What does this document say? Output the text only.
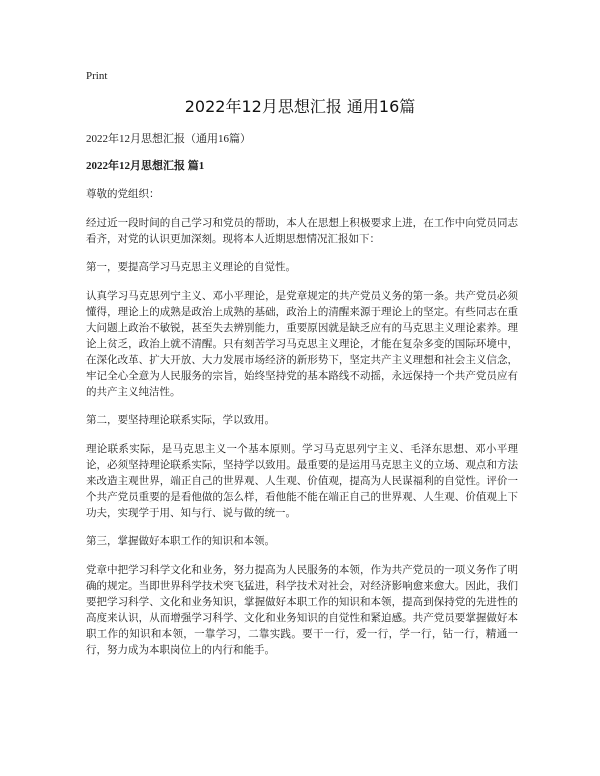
Print
2022年12月思想汇报 通用16篇

2022年12月思想汇报（通用16篇）

2022年12月思想汇报 篇1

尊敬的党组织：

经过近一段时间的自己学习和党员的帮助，本人在思想上积极要求上进，在工作中向党员同志看齐，对党的认识更加深刻。现将本人近期思想情况汇报如下：

第一，要提高学习马克思主义理论的自觉性。

认真学习马克思列宁主义、邓小平理论，是党章规定的共产党员义务的第一条。共产党员必须懂得，理论上的成熟是政治上成熟的基础，政治上的清醒来源于理论上的坚定。有些同志在重大问题上政治不敏锐，甚至失去辨别能力，重要原因就是缺乏应有的马克思主义理论素养。理论上贫乏，政治上就不清醒。只有刻苦学习马克思主义理论，才能在复杂多变的国际环境中，在深化改革、扩大开放、大力发展市场经济的新形势下，坚定共产主义理想和社会主义信念，牢记全心全意为人民服务的宗旨，始终坚持党的基本路线不动摇，永远保持一个共产党员应有的共产主义纯洁性。

第二，要坚持理论联系实际，学以致用。

理论联系实际，是马克思主义一个基本原则。学习马克思列宁主义、毛泽东思想、邓小平理论，必须坚持理论联系实际，坚持学以致用。最重要的是运用马克思主义的立场、观点和方法来改造主观世界，端正自己的世界观、人生观、价值观，提高为人民谋福利的自觉性。评价一个共产党员重要的是看他做的怎么样，看他能不能在端正自己的世界观、人生观、价值观上下功夫，实现学于用、知与行、说与做的统一。

第三，掌握做好本职工作的知识和本领。

党章中把学习科学文化和业务，努力提高为人民服务的本领，作为共产党员的一项义务作了明确的规定。当即世界科学技术突飞猛进，科学技术对社会，对经济影响愈来愈大。因此，我们要把学习科学、文化和业务知识，掌握做好本职工作的知识和本领，提高到保持党的先进性的高度来认识，从而增强学习科学、文化和业务知识的自觉性和紧迫感。共产党员要掌握做好本职工作的知识和本领，一靠学习，二靠实践。要干一行，爱一行，学一行，钻一行，精通一行，努力成为本职岗位上的内行和能手。
